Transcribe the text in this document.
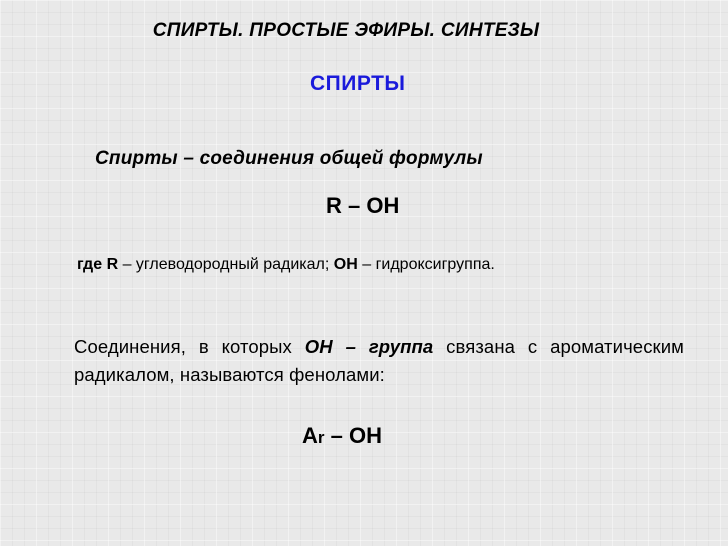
СПИРТЫ. ПРОСТЫЕ ЭФИРЫ. СИНТЕЗЫ
СПИРТЫ
Спирты – соединения общей формулы
R – OH
где R – углеводородный радикал; OH – гидроксигруппа.
Соединения, в которых OH – группа связана с ароматическим радикалом, называются фенолами:
Ar – OH
